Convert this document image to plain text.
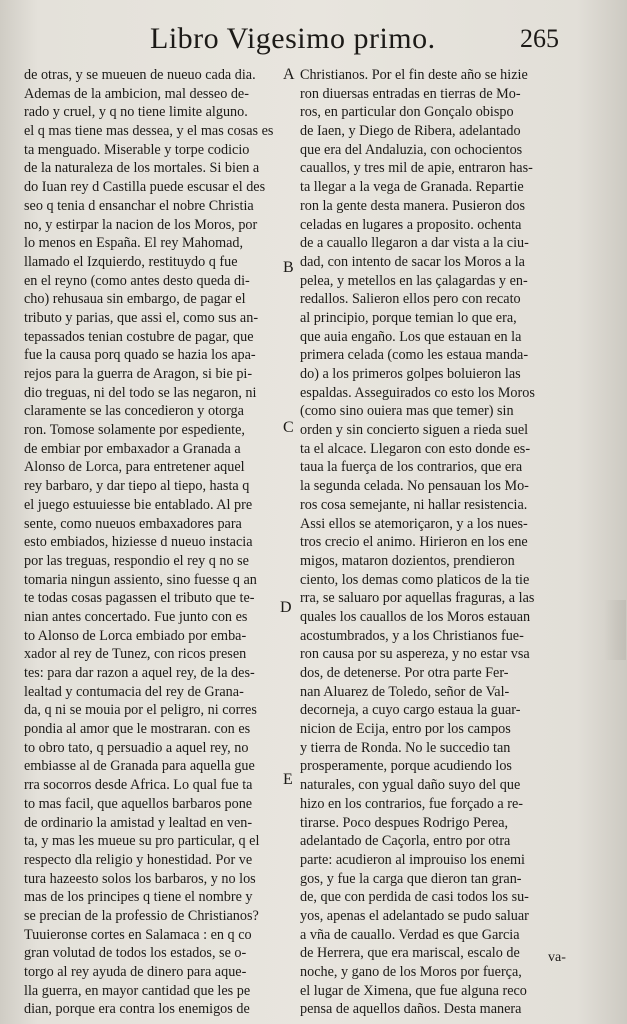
Libro Vigesimo primo.	265
de otras, y se mueuen de nueuo cada dia.
Ademas de la ambicion, mal desseo de-
rado y cruel, y q no tiene limite alguno.
el q mas tiene mas dessea, y el mas cosas es
ta menguado. Miserable y torpe codicio
de la naturaleza de los mortales. Si bien a
do Iuan rey d Castilla puede escusar el des
seo q tenia d ensanchar el nobre Christia
no, y estirpar la nacion de los Moros, por
lo menos en España. El rey Mahomad,
llamado el Izquierdo, restituydo q fue
en el reyno (como antes desto queda di-
cho) rehusaua sin embargo, de pagar el
tributo y parias, que assi el, como sus an-
tepassados tenian costubre de pagar, que
fue la causa porq quado se hazia los apa-
rejos para la guerra de Aragon, si bie pi-
dio treguas, ni del todo se las negaron, ni
claramente se las concedieron y otorga
ron. Tomose solamente por espediente,
de embiar por embaxador a Granada a
Alonso de Lorca, para entretener aquel
rey barbaro, y dar tiepo al tiepo, hasta q
el juego estuuiesse bie entablado. Al pre
sente, como nueuos embaxadores para
esto embiados, hiziesse d nueuo instacia
por las treguas, respondio el rey q no se
tomaria ningun assiento, sino fuesse q an
te todas cosas pagassen el tributo que te-
nian antes concertado. Fue junto con es
to Alonso de Lorca embiado por emba-
xador al rey de Tunez, con ricos presen
tes: para dar razon a aquel rey, de la des-
lealtad y contumacia del rey de Grana-
da, q ni se mouia por el peligro, ni corres
pondia al amor que le mostraran. con es
to obro tato, q persuadio a aquel rey, no
embiasse al de Granada para aquella gue
rra socorros desde Africa. Lo qual fue ta
to mas facil, que aquellos barbaros pone
de ordinario la amistad y lealtad en ven-
ta, y mas les mueue su pro particular, q el
respecto dla religio y honestidad. Por ve
tura hazeesto solos los barbaros, y no los
mas de los principes q tiene el nombre y
se precian de la professio de Christianos?
Tuuieronse cortes en Salamaca : en q co
gran volutad de todos los estados, se o-
torgo al rey ayuda de dinero para aque-
lla guerra, en mayor cantidad que les pe
dian, porque era contra los enemigos de
Christianos. Por el fin deste año se hizie
ron diuersas entradas en tierras de Mo-
ros, en particular don Gonçalo obispo
de Iaen, y Diego de Ribera, adelantado
que era del Andaluzia, con ochocientos
cauallos, y tres mil de apie, entraron has-
ta llegar a la vega de Granada. Repartie
ron la gente desta manera. Pusieron dos
celadas en lugares a proposito. ochenta
de a cauallo llegaron a dar vista a la ciu-
dad, con intento de sacar los Moros a la
pelea, y metellos en las çalagardas y en-
redallos. Salieron ellos pero con recato
al principio, porque temian lo que era,
que auia engaño. Los que estauan en la
primera celada (como les estaua manda-
do) a los primeros golpes boluieron las
espaldas. Asseguirados co esto los Moros
(como sino ouiera mas que temer) sin
orden y sin concierto siguen a rieda suel
ta el alcace. Llegaron con esto donde es-
taua la fuerça de los contrarios, que era
la segunda celada. No pensauan los Mo-
ros cosa semejante, ni hallar resistencia.
Assi ellos se atemoriçaron, y a los nues-
tros crecio el animo. Hirieron en los ene
migos, mataron dozientos, prendieron
ciento, los demas como platicos de la tie
rra, se saluaro por aquellas fraguras, a las
quales los cauallos de los Moros estauan
acostumbrados, y a los Christianos fue-
ron causa por su aspereza, y no estar vsa
dos, de detenerse. Por otra parte Fer-
nan Aluarez de Toledo, señor de Val-
decorneja, a cuyo cargo estaua la guar-
nicion de Ecija, entro por los campos
y tierra de Ronda. No le succedio tan
prosperamente, porque acudiendo los
naturales, con ygual daño suyo del que
hizo en los contrarios, fue forçado a re-
tirarse. Poco despues Rodrigo Perea,
adelantado de Caçorla, entro por otra
parte: acudieron al improuiso los enemi
gos, y fue la carga que dieron tan gran-
de, que con perdida de casi todos los su-
yos, apenas el adelantado se pudo saluar
a vña de cauallo. Verdad es que Garcia
de Herrera, que era mariscal, escalo de
noche, y gano de los Moros por fuerça,
el lugar de Ximena, que fue alguna reco
pensa de aquellos daños. Desta manera
A
B
C
D
E
va-
